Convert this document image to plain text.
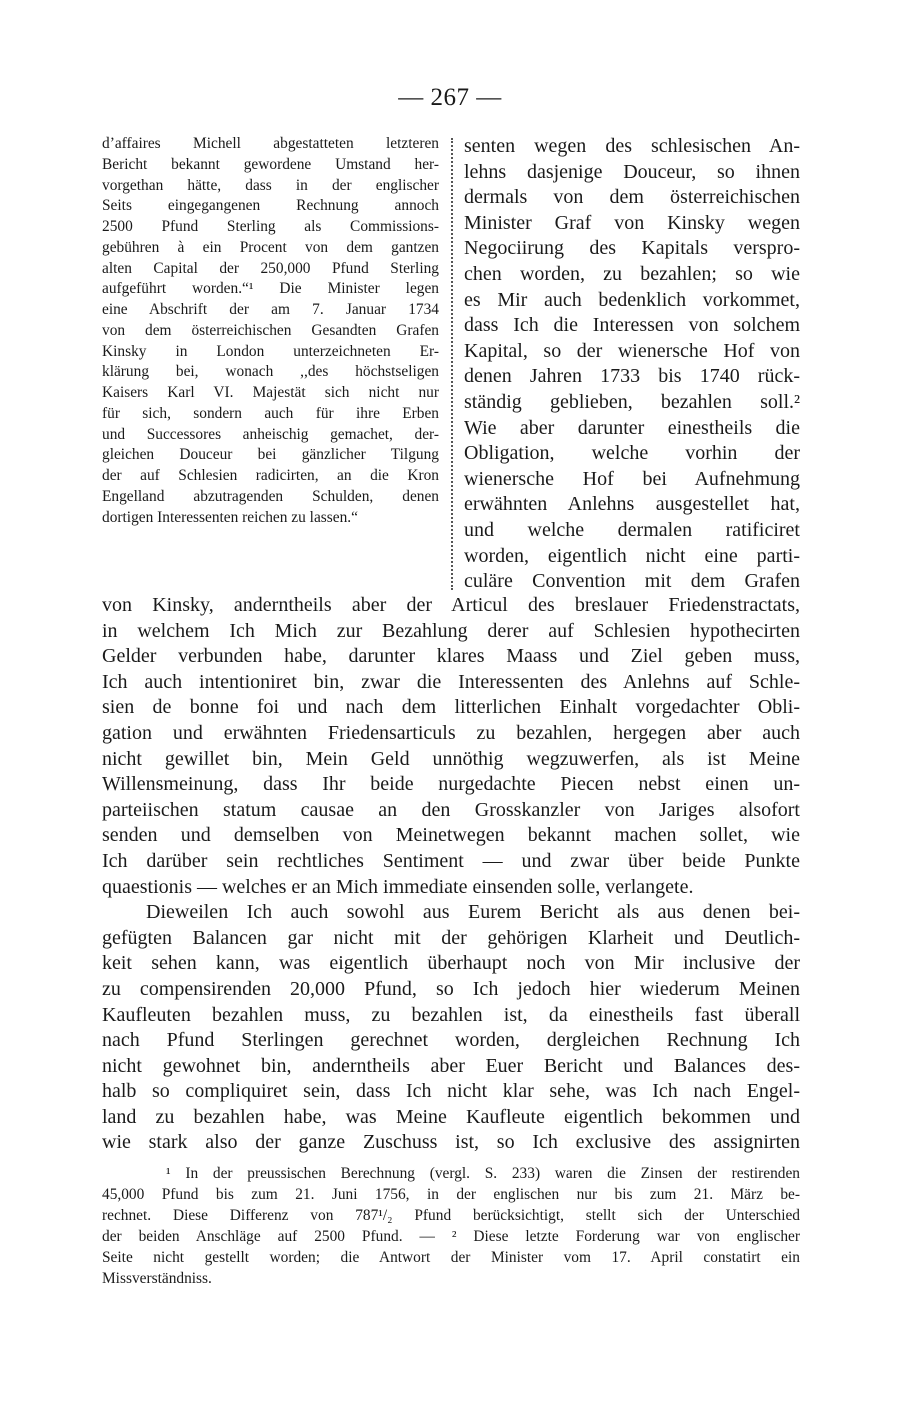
— 267 —
d’affaires Michell abgestatteten letzteren
Bericht bekannt gewordene Umstand her-
vorgethan hätte, dass in der englischer
Seits eingegangenen Rechnung annoch
2500 Pfund Sterling als Commissions-
gebühren à ein Procent von dem gantzen
alten Capital der 250,000 Pfund Sterling
aufgeführt worden.“¹ Die Minister legen
eine Abschrift der am 7. Januar 1734
von dem österreichischen Gesandten Grafen
Kinsky in London unterzeichneten Er-
klärung bei, wonach ,,des höchstseligen
Kaisers Karl VI. Majestät sich nicht nur
für sich, sondern auch für ihre Erben
und Successores anheischig gemachet, der-
gleichen Douceur bei gänzlicher Tilgung
der auf Schlesien radicirten, an die Kron
Engelland abzutragenden Schulden, denen
dortigen Interessenten reichen zu lassen.“
senten wegen des schlesischen An-
lehns dasjenige Douceur, so ihnen
dermals von dem österreichischen
Minister Graf von Kinsky wegen
Negociirung des Kapitals verspro-
chen worden, zu bezahlen; so wie
es Mir auch bedenklich vorkommet,
dass Ich die Interessen von solchem
Kapital, so der wienersche Hof von
denen Jahren 1733 bis 1740 rück-
ständig geblieben, bezahlen soll.²
Wie aber darunter einestheils die
Obligation, welche vorhin der
wienersche Hof bei Aufnehmung
erwähnten Anlehns ausgestellet hat,
und welche dermalen ratificiret
worden, eigentlich nicht eine parti-
culäre Convention mit dem Grafen
von Kinsky, anderntheils aber der Articul des breslauer Friedenstractats,
in welchem Ich Mich zur Bezahlung derer auf Schlesien hypothecirten
Gelder verbunden habe, darunter klares Maass und Ziel geben muss,
Ich auch intentioniret bin, zwar die Interessenten des Anlehns auf Schle-
sien de bonne foi und nach dem litterlichen Einhalt vorgedachter Obli-
gation und erwähnten Friedensarticuls zu bezahlen, hergegen aber auch
nicht gewillet bin, Mein Geld unnöthig wegzuwerfen, als ist Meine
Willensmeinung, dass Ihr beide nurgedachte Piecen nebst einen un-
parteiischen statum causae an den Grosskanzler von Jariges alsofort
senden und demselben von Meinetwegen bekannt machen sollet, wie
Ich darüber sein rechtliches Sentiment — und zwar über beide Punkte
quaestionis — welches er an Mich immediate einsenden solle, verlangete.
Dieweilen Ich auch sowohl aus Eurem Bericht als aus denen bei-
gefügten Balancen gar nicht mit der gehörigen Klarheit und Deutlich-
keit sehen kann, was eigentlich überhaupt noch von Mir inclusive der
zu compensirenden 20,000 Pfund, so Ich jedoch hier wiederum Meinen
Kaufleuten bezahlen muss, zu bezahlen ist, da einestheils fast überall
nach Pfund Sterlingen gerechnet worden, dergleichen Rechnung Ich
nicht gewohnet bin, anderntheils aber Euer Bericht und Balances des-
halb so compliquiret sein, dass Ich nicht klar sehe, was Ich nach Engel-
land zu bezahlen habe, was Meine Kaufleute eigentlich bekommen und
wie stark also der ganze Zuschuss ist, so Ich exclusive des assignirten
¹ In der preussischen Berechnung (vergl. S. 233) waren die Zinsen der restirenden
45,000 Pfund bis zum 21. Juni 1756, in der englischen nur bis zum 21. März be-
rechnet. Diese Differenz von 787¹/₂ Pfund berücksichtigt, stellt sich der Unterschied
der beiden Anschläge auf 2500 Pfund. — ² Diese letzte Forderung war von englischer
Seite nicht gestellt worden; die Antwort der Minister vom 17. April constatirt ein
Missverständniss.
